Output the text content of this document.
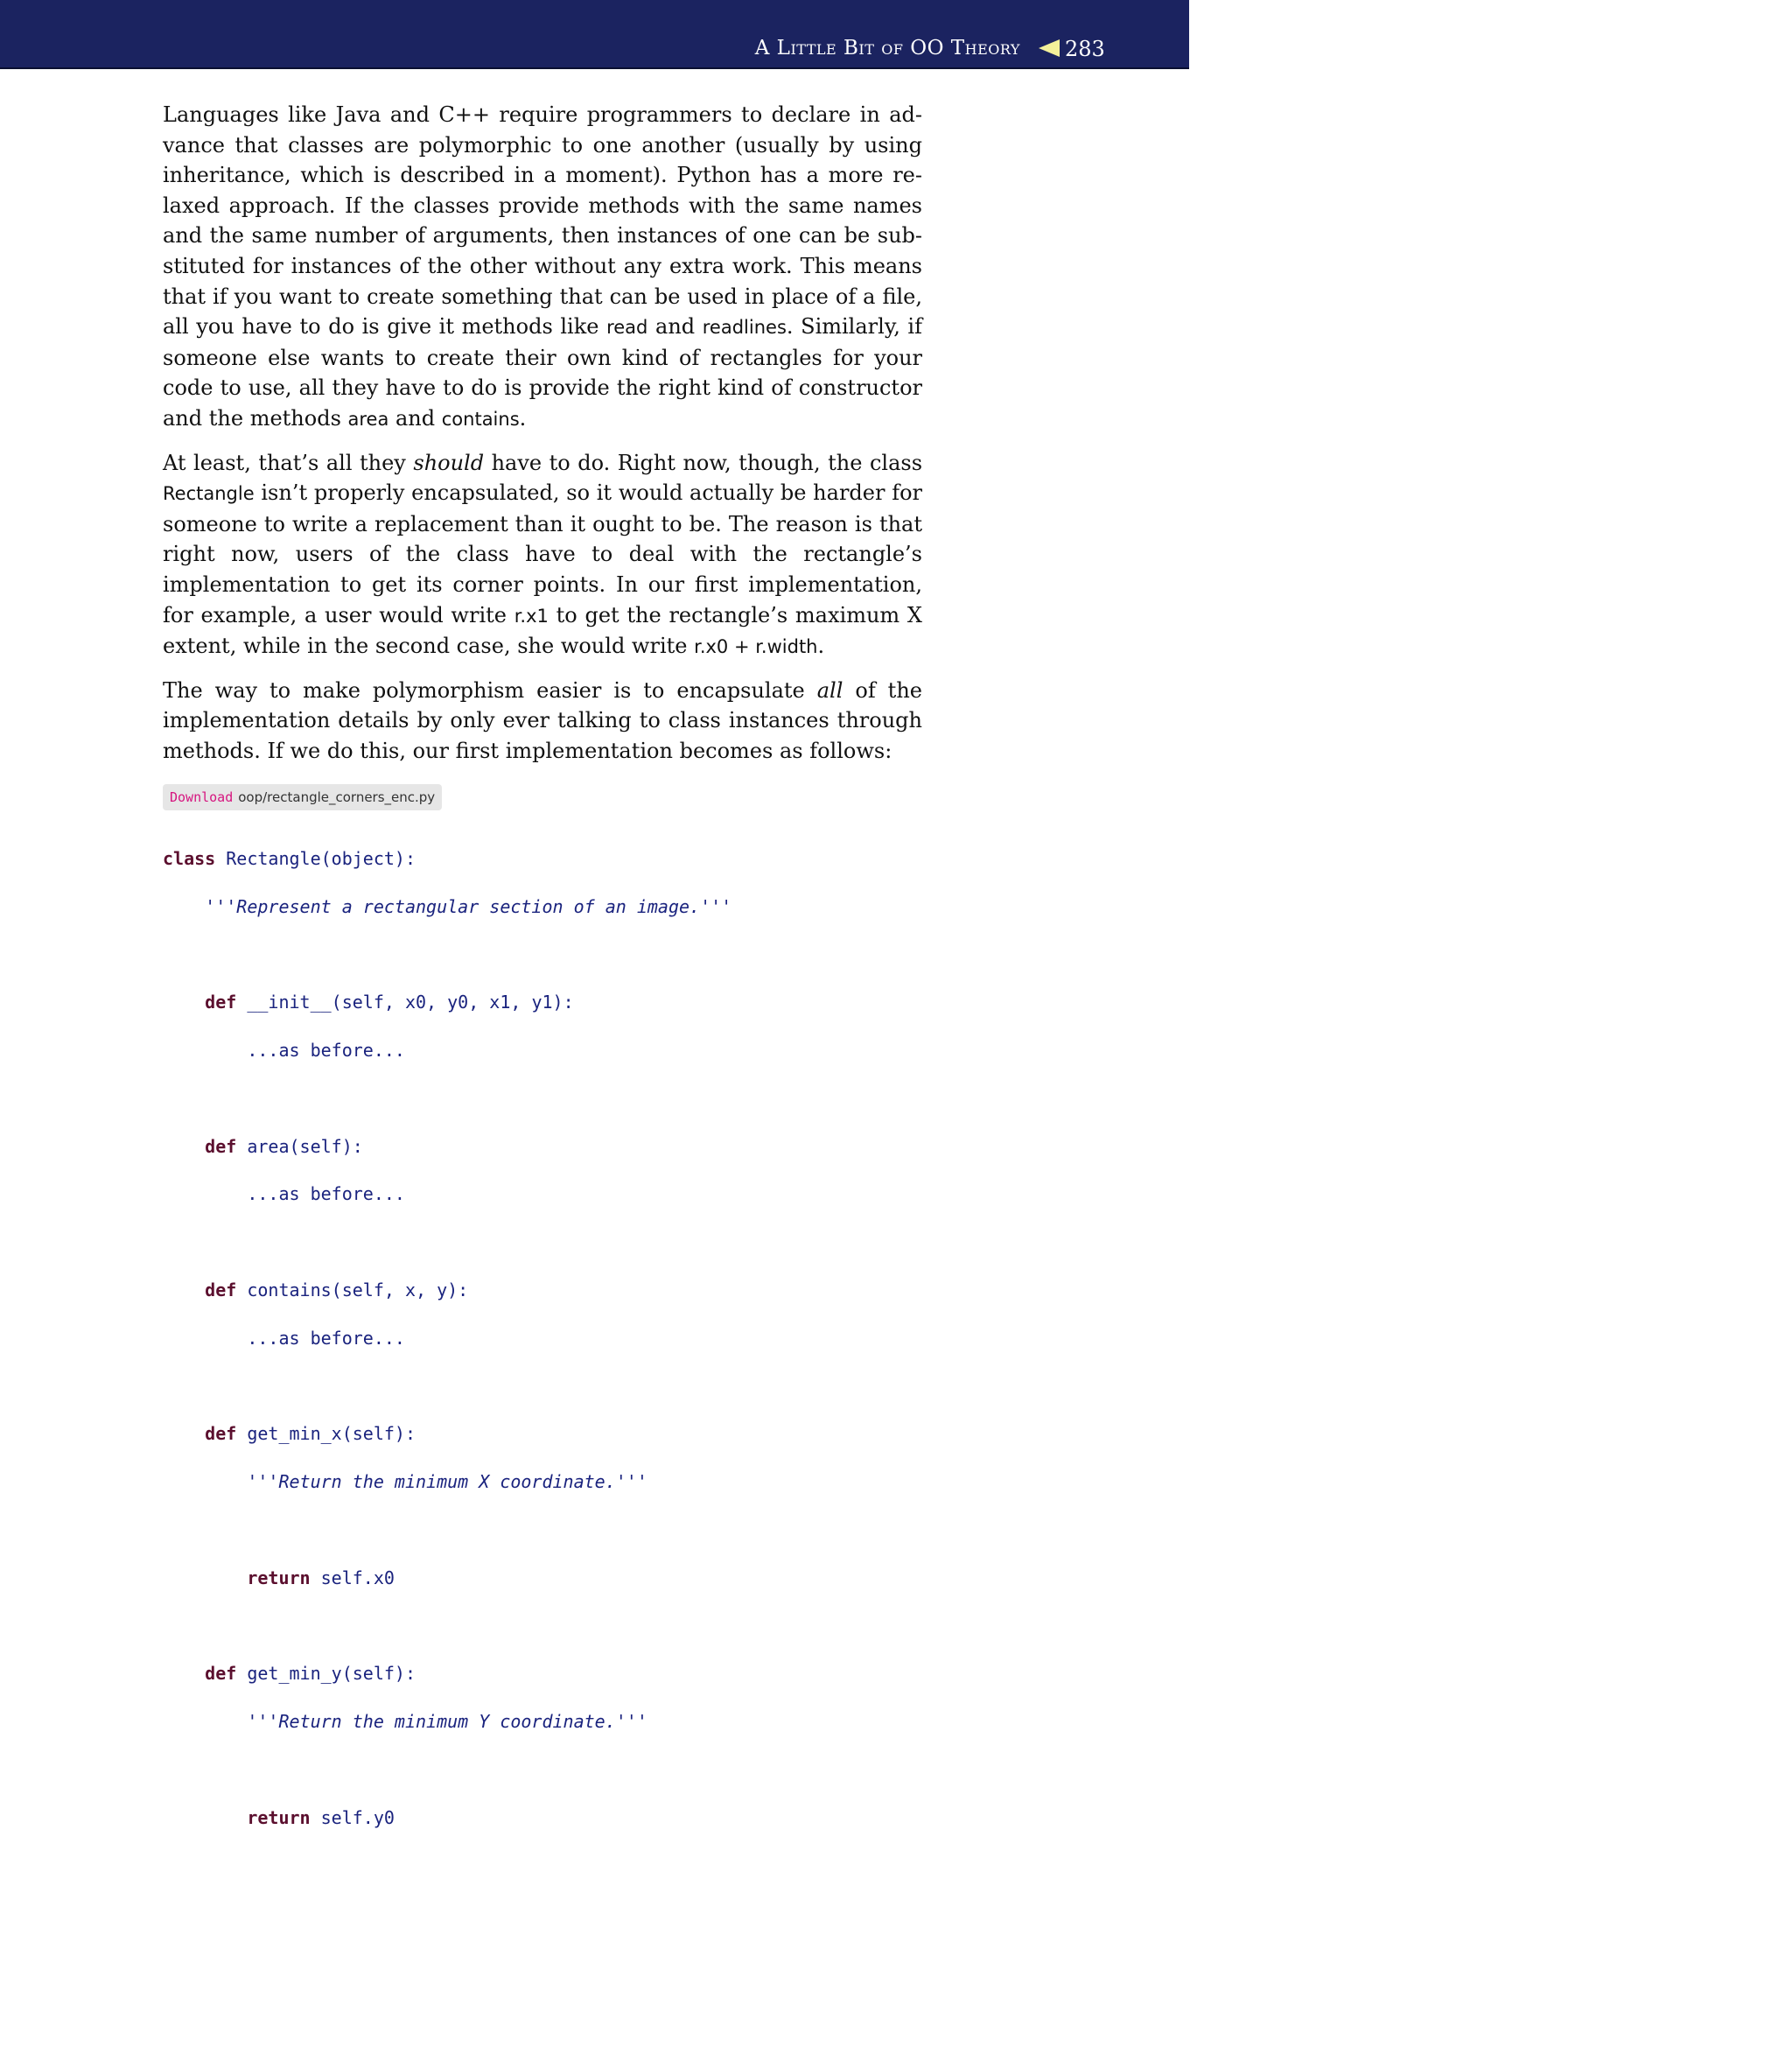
A Little Bit of OO Theory 283

Languages like Java and C++ require programmers to declare in advance that classes are polymorphic to one another (usually by using inheritance, which is described in a moment). Python has a more relaxed approach. If the classes provide methods with the same names and the same number of arguments, then instances of one can be substituted for instances of the other without any extra work. This means that if you want to create something that can be used in place of a file, all you have to do is give it methods like read and readlines. Similarly, if someone else wants to create their own kind of rectangles for your code to use, all they have to do is provide the right kind of constructor and the methods area and contains.

At least, that’s all they should have to do. Right now, though, the class Rectangle isn’t properly encapsulated, so it would actually be harder for someone to write a replacement than it ought to be. The reason is that right now, users of the class have to deal with the rectangle’s implementation to get its corner points. In our first implementation, for example, a user would write r.x1 to get the rectangle’s maximum X extent, while in the second case, she would write r.x0 + r.width.

The way to make polymorphism easier is to encapsulate all of the implementation details by only ever talking to class instances through methods. If we do this, our first implementation becomes as follows:

Download oop/rectangle_corners_enc.py

class Rectangle(object):

'''Represent a rectangular section of an image.'''

def __init__(self, x0, y0, x1, y1):

...as before...

def area(self):

...as before...

def contains(self, x, y):

...as before...

def get_min_x(self):

'''Return the minimum X coordinate.'''

return self.x0

def get_min_y(self):

'''Return the minimum Y coordinate.'''

return self.y0
